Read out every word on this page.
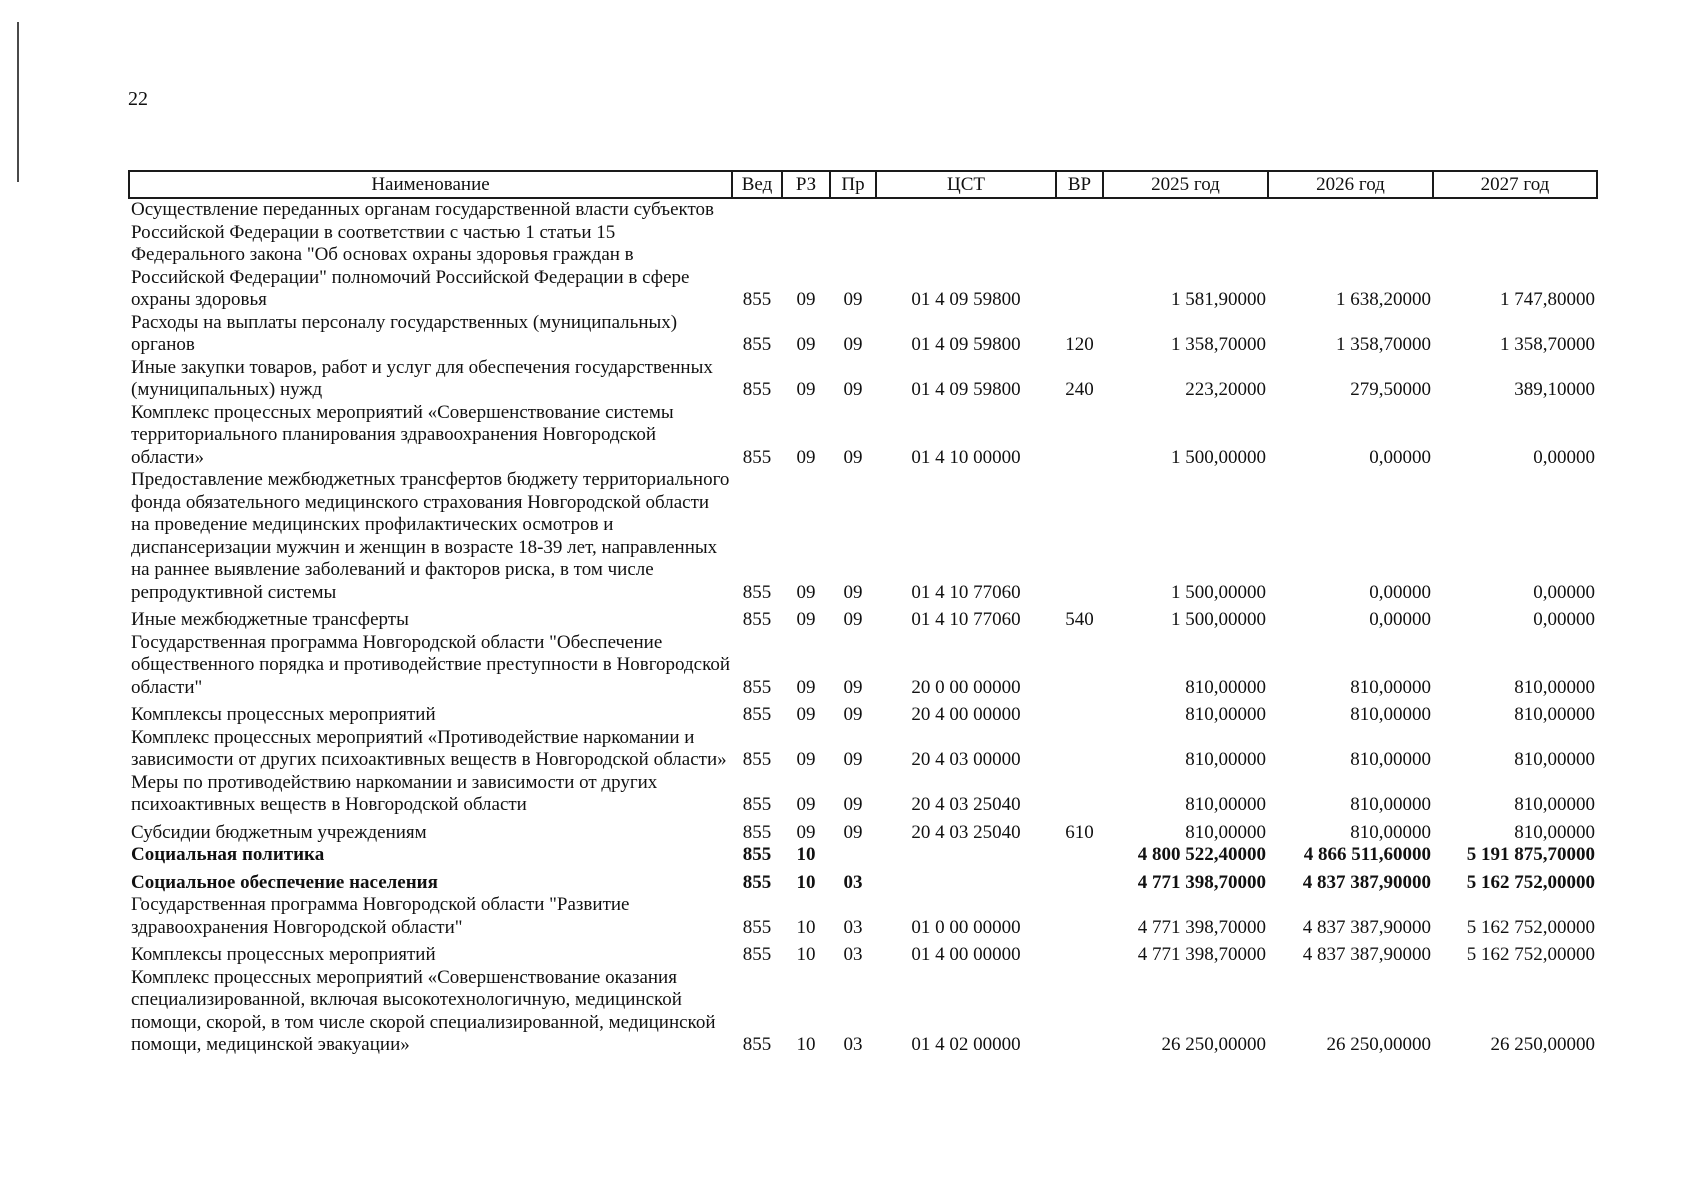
22
Наименование	Вед	РЗ	Пр	ЦСТ	ВР	2025 год	2026 год	2027 год
Осуществление переданных органам государственной власти субъектов Российской Федерации в соответствии с частью 1 статьи 15 Федерального закона "Об основах охраны здоровья граждан в Российской Федерации" полномочий Российской Федерации в сфере охраны здоровья	855	09	09	01 4 09 59800		1 581,90000	1 638,20000	1 747,80000
Расходы на выплаты персоналу государственных (муниципальных) органов	855	09	09	01 4 09 59800	120	1 358,70000	1 358,70000	1 358,70000
Иные закупки товаров, работ и услуг для обеспечения государственных (муниципальных) нужд	855	09	09	01 4 09 59800	240	223,20000	279,50000	389,10000
Комплекс процессных мероприятий «Совершенствование системы территориального планирования здравоохранения Новгородской области»	855	09	09	01 4 10 00000		1 500,00000	0,00000	0,00000
Предоставление межбюджетных трансфертов бюджету территориального фонда обязательного медицинского страхования Новгородской области на проведение медицинских профилактических осмотров и диспансеризации мужчин и женщин в возрасте 18-39 лет, направленных на раннее выявление заболеваний и факторов риска, в том числе репродуктивной системы	855	09	09	01 4 10 77060		1 500,00000	0,00000	0,00000
Иные межбюджетные трансферты	855	09	09	01 4 10 77060	540	1 500,00000	0,00000	0,00000
Государственная программа Новгородской области "Обеспечение общественного порядка и противодействие преступности в Новгородской области"	855	09	09	20 0 00 00000		810,00000	810,00000	810,00000
Комплексы процессных мероприятий	855	09	09	20 4 00 00000		810,00000	810,00000	810,00000
Комплекс процессных мероприятий «Противодействие наркомании и зависимости от других психоактивных веществ в Новгородской области»	855	09	09	20 4 03 00000		810,00000	810,00000	810,00000
Меры по противодействию наркомании и зависимости от других психоактивных веществ в Новгородской области	855	09	09	20 4 03 25040		810,00000	810,00000	810,00000
Субсидии бюджетным учреждениям	855	09	09	20 4 03 25040	610	810,00000	810,00000	810,00000
Социальная политика	855	10				4 800 522,40000	4 866 511,60000	5 191 875,70000
Социальное обеспечение населения	855	10	03			4 771 398,70000	4 837 387,90000	5 162 752,00000
Государственная программа Новгородской области "Развитие здравоохранения Новгородской области"	855	10	03	01 0 00 00000		4 771 398,70000	4 837 387,90000	5 162 752,00000
Комплексы процессных мероприятий	855	10	03	01 4 00 00000		4 771 398,70000	4 837 387,90000	5 162 752,00000
Комплекс процессных мероприятий «Совершенствование оказания специализированной, включая высокотехнологичную, медицинской помощи, скорой, в том числе скорой специализированной, медицинской помощи, медицинской эвакуации»	855	10	03	01 4 02 00000		26 250,00000	26 250,00000	26 250,00000
